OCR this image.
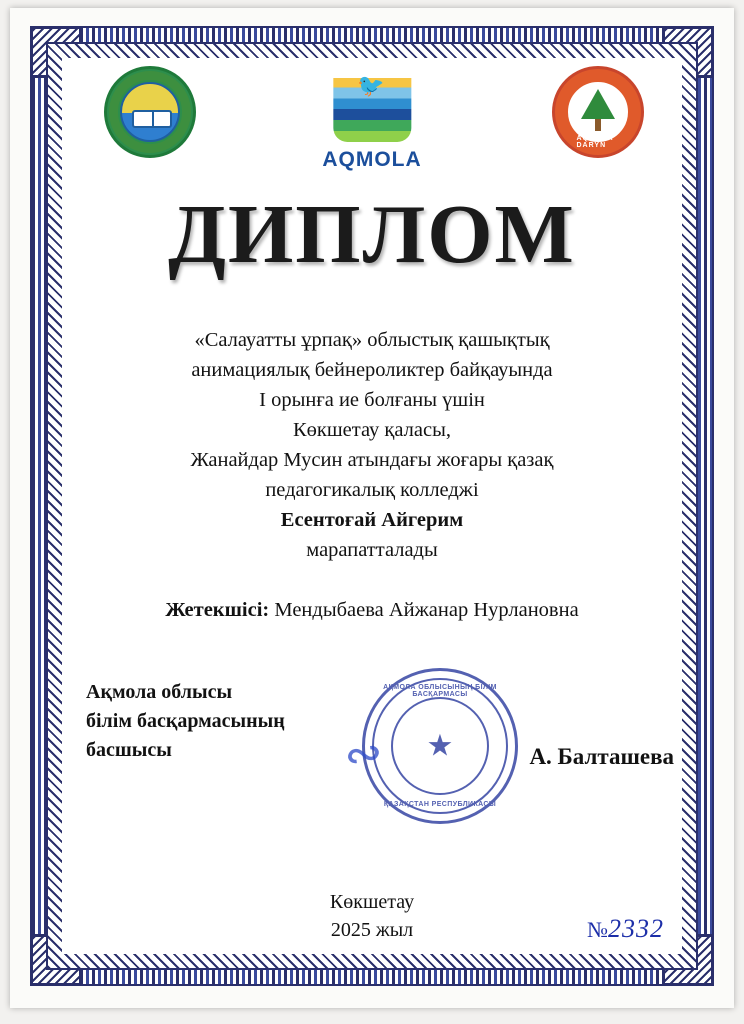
🐦
AQMOLA
AQMOLA DARYN
ДИПЛОМ
«Салауатты ұрпақ» облыстық қашықтық
анимациялық бейнероликтер байқауында
I орынға ие болғаны үшін
Көкшетау қаласы,
Жанайдар Мусин атындағы жоғары қазақ
педагогикалық колледжі
Есентоғай Айгерим
марапатталады
Жетекшісі: Мендыбаева Айжанар Нурлановна
Ақмола облысы
білім басқармасының
басшысы
АҚМОЛА ОБЛЫСЫНЫҢ БІЛІМ БАСҚАРМАСЫ
ҚАЗАҚСТАН РЕСПУБЛИКАСЫ
★
∾	А. Балташева
Көкшетау
2025 жыл	№2332
